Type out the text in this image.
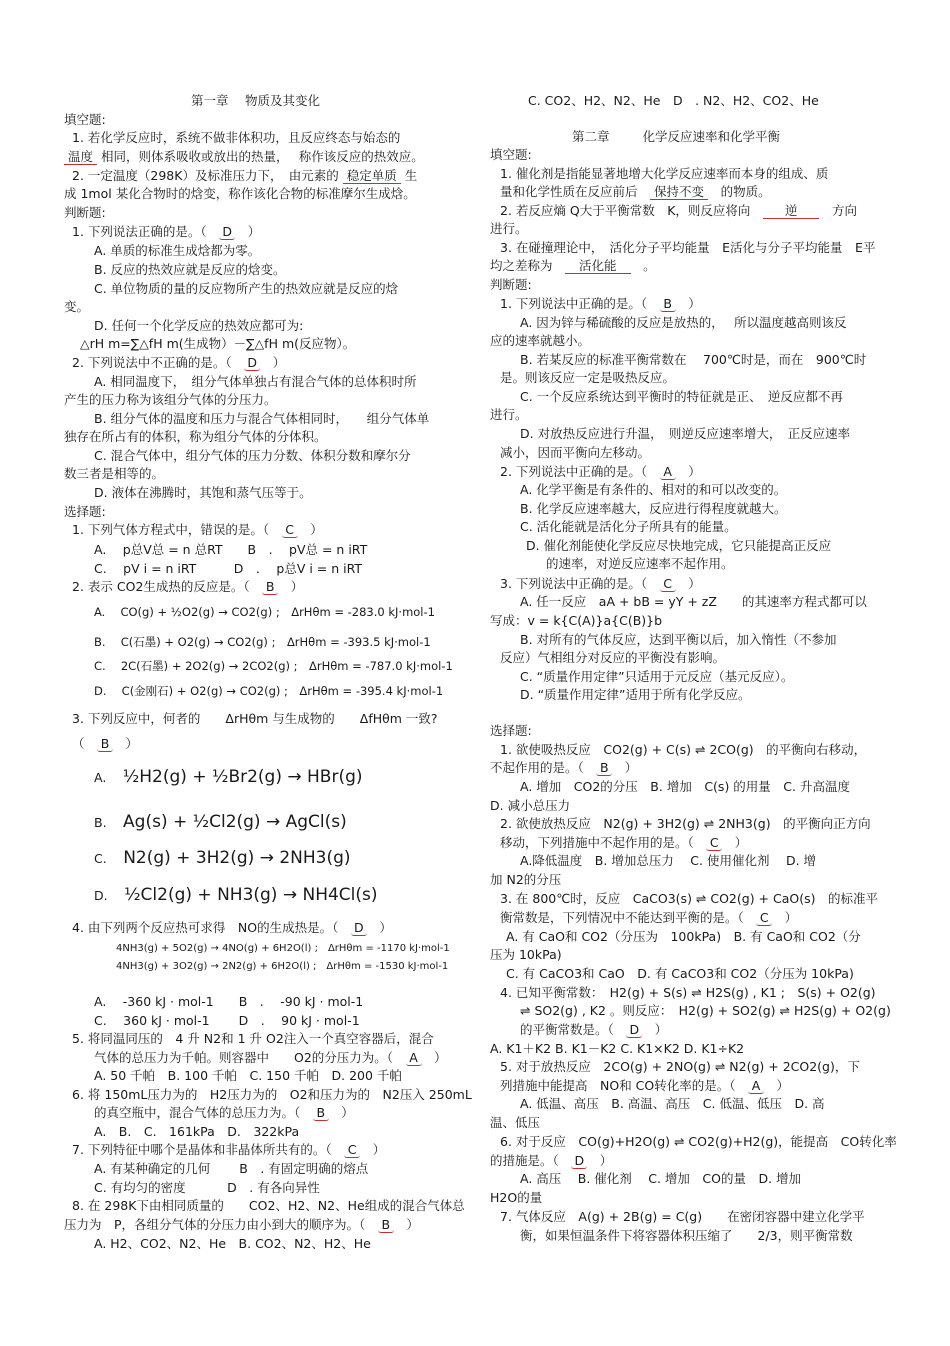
第一章　 物质及其变化
填空题:
1. 若化学反应时，系统不做非体积功，且反应终态与始态的
温度 相同，则体系吸收或放出的热量，　 称作该反应的热效应。
2. 一定温度（298K）及标准压力下，　由元素的 稳定单质 生
成 1mol 某化合物时的焓变，称作该化合物的标准摩尔生成焓。
判断题:
1. 下列说法正确的是。（　 D　 ）
A. 单质的标准生成焓都为零。
B. 反应的热效应就是反应的焓变。
C. 单位物质的量的反应物所产生的热效应就是反应的焓
变。
D. 任何一个化学反应的热效应都可为:
△rH m=∑△fH m(生成物）－∑△fH m(反应物）。
2. 下列说法中不正确的是。（　 D　 ）
A. 相同温度下，　组分气体单独占有混合气体的总体积时所
产生的压力称为该组分气体的分压力。
B. 组分气体的温度和压力与混合气体相同时，　　组分气体单
独存在所占有的体积，称为组分气体的分体积。
C. 混合气体中，组分气体的压力分数、体积分数和摩尔分
数三者是相等的。
D. 液体在沸腾时，其饱和蒸气压等于。
选择题:
1. 下列气体方程式中，错误的是。（　 C　 ）
A.　 p总V总 = n 总RT　　B　.　 pV总 = n iRT
C.　 pV i = n iRT　　　D　.　 p总V i = n iRT
2. 表示 CO2生成热的反应是。（　 B　 ）
A.　 CO(g) + ½O2(g) → CO2(g) ;　ΔrHθm = -283.0 kJ·mol-1
B.　 C(石墨) + O2(g) → CO2(g) ;　ΔrHθm = -393.5 kJ·mol-1
C.　 2C(石墨) + 2O2(g) → 2CO2(g) ;　ΔrHθm = -787.0 kJ·mol-1
D.　 C(金刚石) + O2(g) → CO2(g) ;　ΔrHθm = -395.4 kJ·mol-1
3. 下列反应中，何者的　　ΔrHθm 与生成物的　　ΔfHθm 一致?
（　 B　 ）
A.　 ½H2(g) + ½Br2(g) → HBr(g)
B.　 Ag(s) + ½Cl2(g) → AgCl(s)
C.　 N2(g) + 3H2(g) → 2NH3(g)
D.　 ½Cl2(g) + NH3(g) → NH4Cl(s)
4. 由下列两个反应热可求得　NO的生成热是。（　 D　 ）
4NH3(g) + 5O2(g) → 4NO(g) + 6H2O(l) ;　ΔrHθm = -1170 kJ·mol-1
4NH3(g) + 3O2(g) → 2N2(g) + 6H2O(l) ;　ΔrHθm = -1530 kJ·mol-1
A.　 -360 kJ · mol-1　　B　.　 -90 kJ · mol-1
C.　 360 kJ · mol-1　　 D　.　 90 kJ · mol-1
5. 将同温同压的　4 升 N2和 1 升 O2注入一个真空容器后，混合
气体的总压力为千帕。则容器中　　O2的分压力为。（　 A　 ）
A. 50 千帕　B. 100 千帕　C. 150 千帕　D. 200 千帕
6. 将 150mL压力为的　H2压力为的　O2和压力为的　N2压入 250mL
的真空瓶中，混合气体的总压力为。（　 B　 ）
A.　B.　C.　161kPa　D.　322kPa
7. 下列特征中哪个是晶体和非晶体所共有的。（　 C　 ）
A. 有某种确定的几何　　 B　. 有固定明确的熔点
C. 有均匀的密度　　　 D　. 有各向异性
8. 在 298K下由相同质量的　　CO2、H2、N2、He组成的混合气体总
压力为　P，各组分气体的分压力由小到大的顺序为。（　 B　 ）
A. H2、CO2、N2、He　B. CO2、N2、H2、He
C. CO2、H2、N2、He　D　. N2、H2、CO2、He
第二章　 　 化学反应速率和化学平衡
填空题:
1. 催化剂是指能显著地增大化学反应速率而本身的组成、质
量和化学性质在反应前后　 保持不变　 的物质。
2. 若反应熵 Q大于平衡常数　K，则反应将向　	逆　	方向
进行。
3. 在碰撞理论中，　活化分子平均能量　E活化与分子平均能量　E平
均之差称为　 活化能　 。
判断题:
1. 下列说法中正确的是。（　 B　 ）
A. 因为锌与稀硫酸的反应是放热的，　 所以温度越高则该反
应的速率就越小。
B. 若某反应的标准平衡常数在　 700℃时是，而在　900℃时
是。则该反应一定是吸热反应。
C. 一个反应系统达到平衡时的特征就是正、　逆反应都不再
进行。
D. 对放热反应进行升温，　则逆反应速率增大，　正反应速率
减小，因而平衡向左移动。
2. 下列说法中正确的是。（　 A　 ）
A. 化学平衡是有条件的、相对的和可以改变的。
B. 化学反应速率越大，反应进行得程度就越大。
C. 活化能就是活化分子所具有的能量。
D. 催化剂能使化学反应尽快地完成，它只能提高正反应
的速率，对逆反应速率不起作用。
3. 下列说法中正确的是。（　 C　 ）
A. 任一反应　aA + bB = yY + zZ　　的其速率方程式都可以
写成：v = k{C(A)}a{C(B)}b
B. 对所有的气体反应，达到平衡以后，加入惰性（不参加
反应）气相组分对反应的平衡没有影响。
C. “质量作用定律”只适用于元反应（基元反应）。
D. “质量作用定律”适用于所有化学反应。
选择题:
1. 欲使吸热反应　CO2(g) + C(s) ⇌ 2CO(g)　的平衡向右移动，
不起作用的是。（　 B　 ）
A. 增加　CO2的分压　B. 增加　C(s) 的用量　C. 升高温度
D. 减小总压力
2. 欲使放热反应　N2(g) + 3H2(g) ⇌ 2NH3(g)　的平衡向正方向
移动，下列措施中不起作用的是。（　 C　 ）
A.降低温度　B. 增加总压力　 C. 使用催化剂　 D. 增
加 N2的分压
3. 在 800℃时，反应　CaCO3(s) ⇌ CO2(g) + CaO(s)　的标准平
衡常数是，下列情况中不能达到平衡的是。（　 C　 ）
A. 有 CaO和 CO2（分压为　100kPa)　B. 有 CaO和 CO2（分
压为 10kPa)
C. 有 CaCO3和 CaO　D. 有 CaCO3和 CO2（分压为 10kPa)
4. 已知平衡常数：　H2(g) + S(s) ⇌ H2S(g) , K1 ;　S(s) + O2(g)
⇌ SO2(g) , K2 。则反应：　H2(g) + SO2(g) ⇌ H2S(g) + O2(g)
的平衡常数是。（　 D　 ）
A. K1＋K2 B. K1－K2 C. K1×K2 D. K1÷K2
5. 对于放热反应　2CO(g) + 2NO(g) ⇌ N2(g) + 2CO2(g)，下
列措施中能提高　NO和 CO转化率的是。（　 A　 ）
A. 低温、高压　B. 高温、高压　C. 低温、低压　D. 高
温、低压
6. 对于反应　CO(g)+H2O(g) ⇌ CO2(g)+H2(g)，能提高　CO转化率
的措施是。（　 D　 ）
A. 高压　 B. 催化剂　 C. 增加　CO的量　D. 增加
H2O的量
7. 气体反应　A(g) + 2B(g) = C(g)　　在密闭容器中建立化学平
衡，如果恒温条件下将容器体积压缩了　　2/3，则平衡常数
